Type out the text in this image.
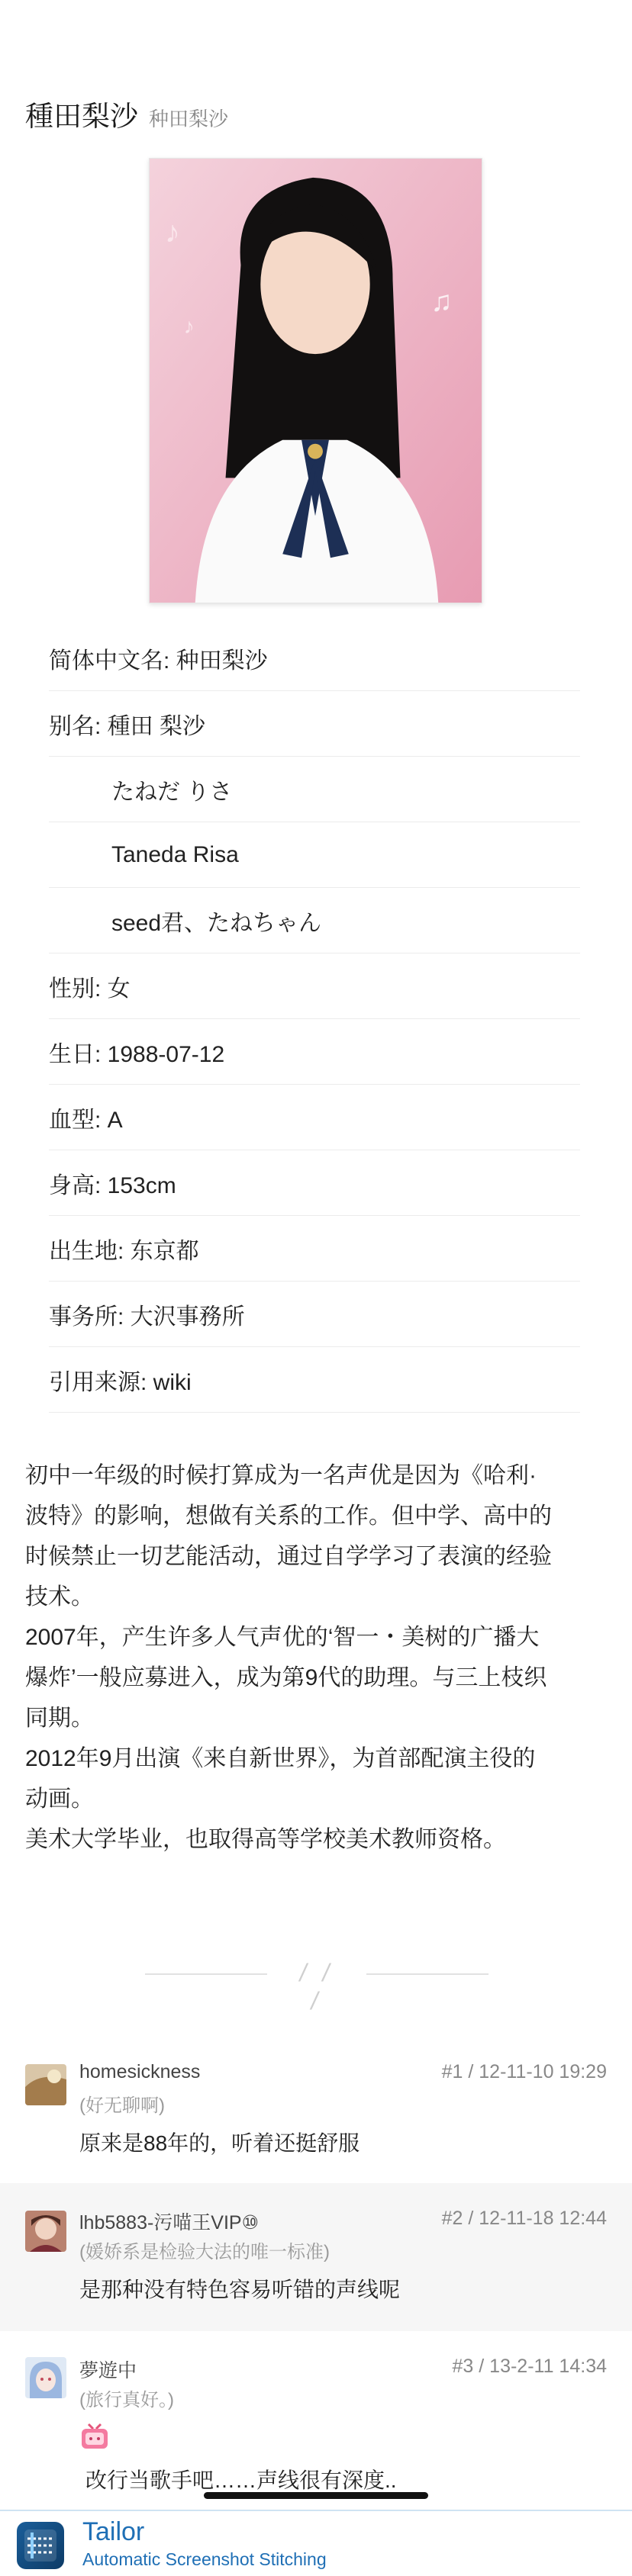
種田梨沙 种田梨沙
♪
♫
♪
简体中文名: 种田梨沙
别名: 種田 梨沙
たねだ りさ
Taneda Risa
seed君、たねちゃん
性别: 女
生日: 1988-07-12
血型: A
身高: 153cm
出生地: 东京都
事务所: 大沢事務所
引用来源: wiki

初中一年级的时候打算成为一名声优是因为《哈利·

波特》的影响，想做有关系的工作。但中学、高中的

时候禁止一切艺能活动，通过自学学习了表演的经验

技术。

2007年，产生许多人气声优的‘智一・美树的广播大

爆炸’一般应募进入，成为第9代的助理。与三上枝织

同期。

2012年9月出演《来自新世界》，为首部配演主役的

动画。

美术大学毕业，也取得高等学校美术教师资格。

/ / /
homesickness
(好无聊啊)
#1 / 12-11-10 19:29
原来是88年的，听着还挺舒服
lhb5883-污喵王VIP⑩
(媛娇系是检验大法的唯一标准)
#2 / 12-11-18 12:44
是那种没有特色容易听错的声线呢
夢遊中
(旅行真好。)
#3 / 13-2-11 14:34
改行当歌手吧……声线很有深度..
Tailor
Automatic Screenshot Stitching
